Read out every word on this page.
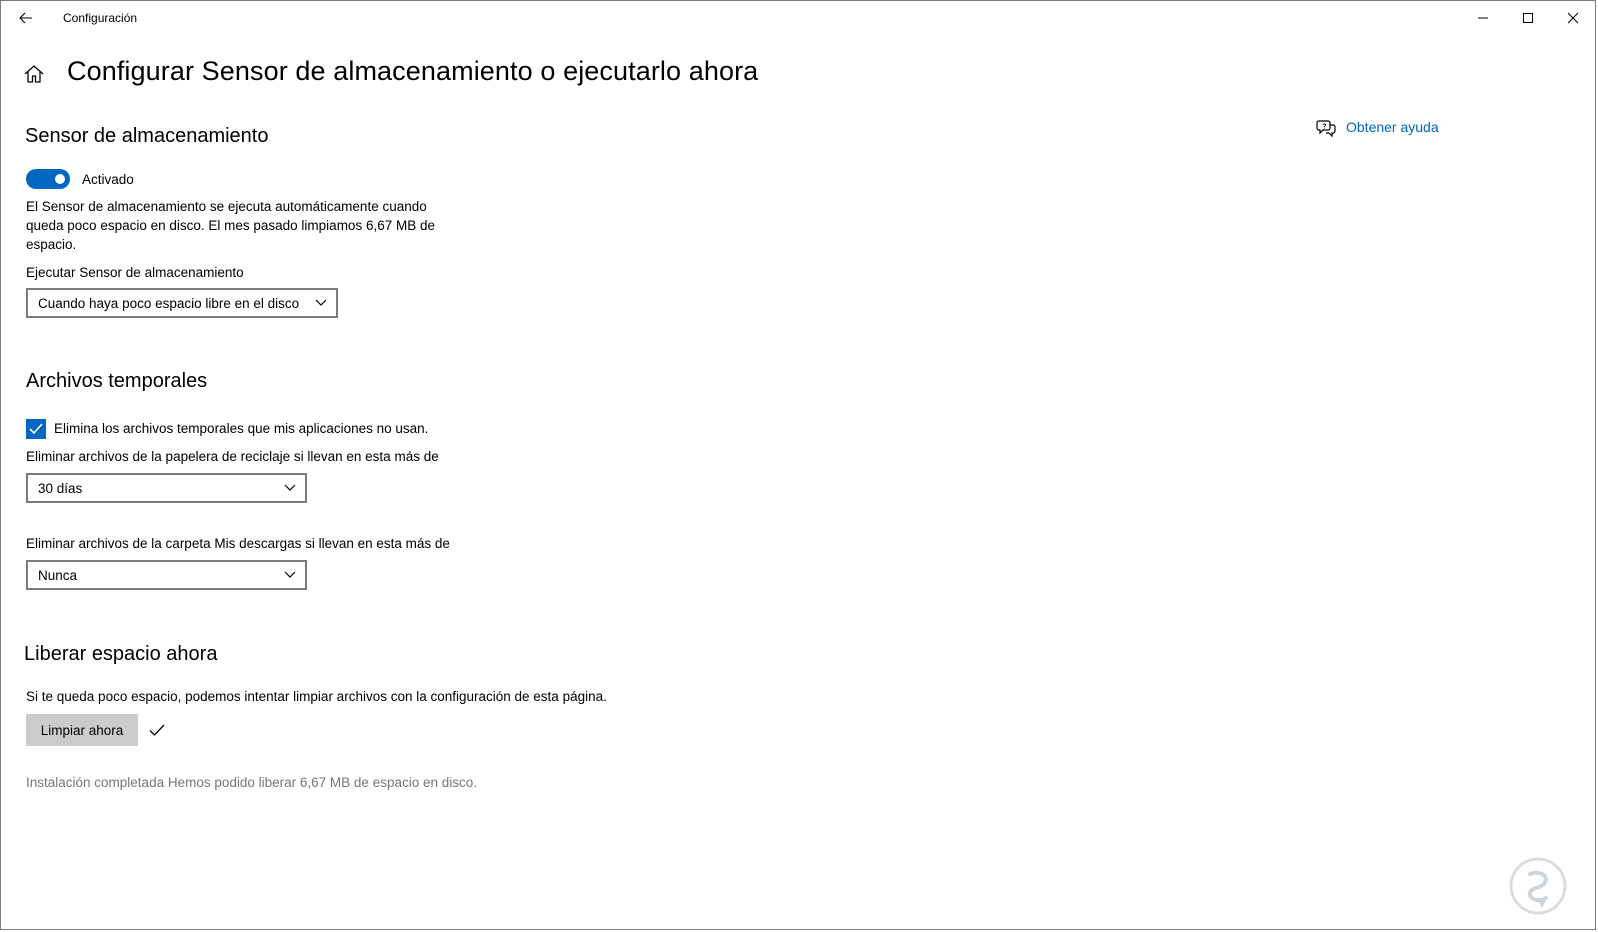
Configuración
Configurar Sensor de almacenamiento o ejecutarlo ahora
? Obtener ayuda
Sensor de almacenamiento
Activado
El Sensor de almacenamiento se ejecuta automáticamente cuando
queda poco espacio en disco. El mes pasado limpiamos 6,67 MB de
espacio.
Ejecutar Sensor de almacenamiento
Cuando haya poco espacio libre en el disco
Archivos temporales
Elimina los archivos temporales que mis aplicaciones no usan.
Eliminar archivos de la papelera de reciclaje si llevan en esta más de
30 días
Eliminar archivos de la carpeta Mis descargas si llevan en esta más de
Nunca
Liberar espacio ahora
Si te queda poco espacio, podemos intentar limpiar archivos con la configuración de esta página.
Limpiar ahora
Instalación completada Hemos podido liberar 6,67 MB de espacio en disco.
